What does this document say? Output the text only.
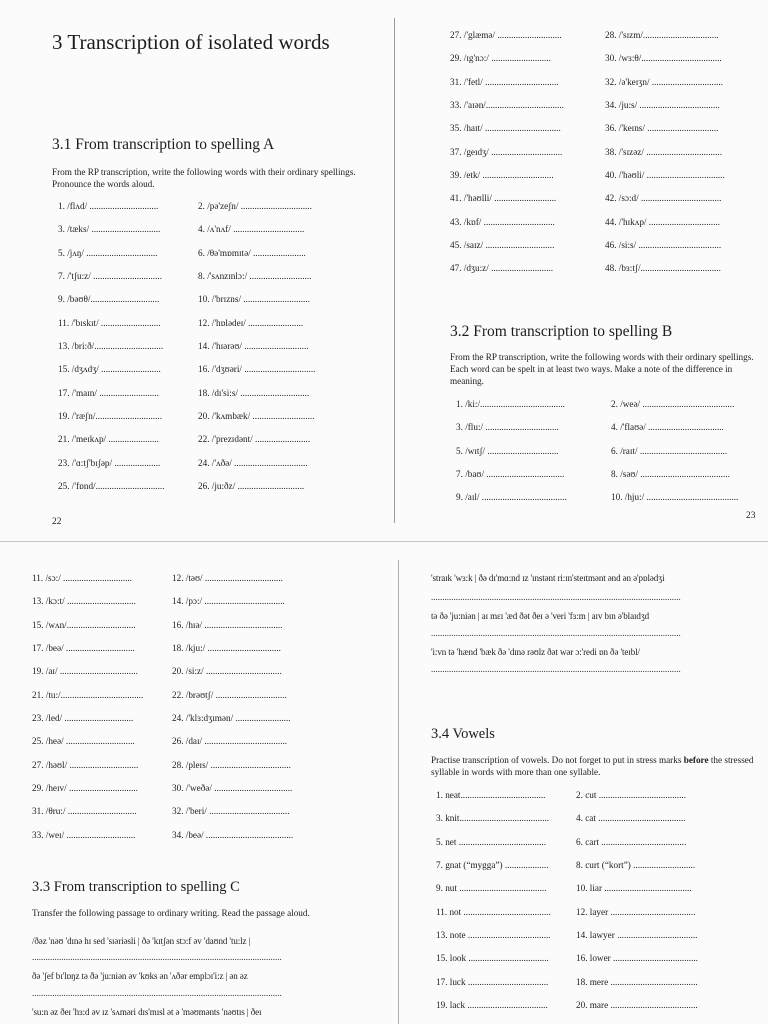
3 Transcription of isolated words
3.1 From transcription to spelling A
From the RP transcription, write the following words with their ordinary spellings. Pronounce the words aloud.
1. /flʌd/ ..............................	2. /pə'zeʃn/ ...............................
3. /tæks/ ..............................	4. /ʌ'nʌf/ ...............................
5. /jʌŋ/ ...............................	6. /θə'mɒmɪtə/ .......................
7. /'tʃu:z/ ..............................	8. /'sʌnzɪnlɔ:/ ...........................
9. /bəʊθ/..............................	10. /'brɪzns/ .............................
11. /'bɪskɪt/ ..........................	12. /'hɒlədeɪ/ ........................
13. /bri:ð/..............................	14. /'hɪərəʊ/ ............................
15. /dʒʌdʒ/ ..........................	16. /'dʒʊəri/ ...............................
17. /'maɪn/ ..........................	18. /dɪ'si:s/ ..............................
19. /'ræʃn/.............................	20. /'kʌmbæk/ ...........................
21. /'meɪkʌp/ ......................	22. /'prezɪdənt/ ........................
23. /'ɑ:tʃ'bɪʃəp/ ....................	24. /'ʌðə/ ................................
25. /'fɒnd/..............................	26. /ju:ðz/ .............................
22
27. /'glæmə/ ............................	28. /'sɪzm/.................................
29. /ɪg'nɔ:/ ..........................	30. /wɜ:θ/...................................
31. /'fetl/ ................................	32. /ə'keɪʒn/ ...............................
33. /'aɪən/..................................	34. /ju:s/ ...................................
35. /haɪt/ .................................	36. /'keɪns/ ...............................
37. /geɪdʒ/ ...............................	38. /'sɪzəz/ .................................
39. /etk/ ...............................	40. /'həʊli/ ..................................
41. /'həʊlli/ ...........................	42. /sɔ:d/ ...................................
43. /kɒf/ ...............................	44. /'hɪkʌp/ ...............................
45. /saɪz/ ..............................	46. /si:s/ ....................................
47. /dʒu:z/ ...........................	48. /bɜ:tʃ/...................................
3.2 From transcription to spelling B
From the RP transcription, write the following words with their ordinary spellings. Each word can be spelt in at least two ways. Make a note of the difference in meaning.
1. /ki:/.....................................	2. /weə/ ........................................
3. /flu:/ ................................	4. /'flaʊə/ .................................
5. /wɪtʃ/ ...............................	6. /raɪt/ ......................................
7. /baʊ/ ..................................	8. /səʊ/ .......................................
9. /aɪl/ .....................................	10. /hju:/ ........................................
23
11. /sɔ:/ ..............................	12. /təʊ/ ..................................
13. /kɔ:t/ ..............................	14. /pɔ:/ ...................................
15. /wʌn/..............................	16. /hɪə/ ..................................
17. /beə/ ..............................	18. /kju:/ ................................
19. /aɪ/ ..................................	20. /si:z/ .................................
21. /tu:/....................................	22. /brəʊtʃ/ ...............................
23. /led/ ..............................	24. /'klɜ:dʒɪmən/ ........................
25. /heə/ ..............................	26. /daɪ/ ....................................
27. /həʊl/ ..............................	28. /pleɪs/ ...................................
29. /heɪv/ ..............................	30. /'weðə/ ..................................
31. /θru:/ ..............................	32. /'beri/ ...................................
33. /weɪ/ ..............................	34. /beə/ ......................................
3.3 From transcription to spelling C
Transfer the following passage to ordinary writing. Read the passage aloud.
/ðəz 'nəʊ 'dɪnə hɪ sed 'sɪəriəsli | ðə 'kɪtʃən stɔ:f əv 'daʊnd 'tu:lz |
...............................................................................................................
ðə 'ʃef bɪ'lɒŋz tə ðə 'ju:niən əv 'kʊks ən 'ʌðər emplɔɪ'i:z | ən əz
...............................................................................................................
'su:n əz ðeɪ 'hɜ:d əv ɪz 'sʌməri dɪs'mɪsl ət ə 'məʊmənts 'nəʊtɪs | ðeɪ
'straɪk 'wɜ:k | ðə dɪ'mɑ:nd ɪz 'ɪnstənt ri:ɪn'steɪtmənt ənd ən ə'pɒlədʒi
...............................................................................................................
tə ðə 'ju:niən | aɪ mɛɪ 'æd ðət ðeɪ ə 'veri 'fɜ:m | aɪv bɪn ə'blaɪdʒd
...............................................................................................................
'i:vn tə 'hænd 'bæk ðə 'dɪnə rəʊlz ðət wər ɔ:'redi ɒn ðə 'teɪbl/
...............................................................................................................
3.4 Vowels
Practise transcription of vowels. Do not forget to put in stress marks before the stressed syllable in words with more than one syllable.
1. neat.....................................	2. cut ......................................
3. knit.......................................	4. cat ......................................
5. net ......................................	6. cart .....................................
7. gnat (“mygga”) ...................	8. curt (“kort”) ...........................
9. nut ......................................	10. liar ......................................
11. not ......................................	12. layer .....................................
13. note ....................................	14. lawyer ...................................
15. look ...................................	16. lower .....................................
17. luck ...................................	18. mere ......................................
19. lack ...................................	20. mare ......................................
